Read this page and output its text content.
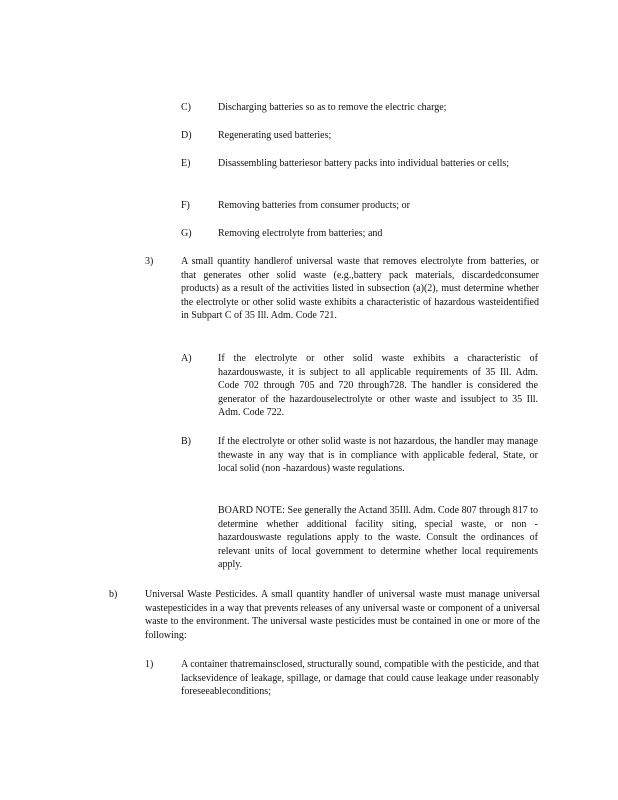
C)	Discharging batteries so as to remove the electric charge;
D)	Regenerating used batteries;
E)	Disassembling batteriesor battery packs into individual batteries or cells;
F)	Removing batteries from consumer products; or
G)	Removing electrolyte from batteries; and
3)	A small quantity handlerof universal waste that removes electrolyte from batteries, or that generates other solid waste (e.g.,battery pack materials, discardedconsumer products) as a result of the activities listed in subsection (a)(2), must determine whether the electrolyte or other solid waste exhibits a characteristic of hazardous wasteidentified in Subpart C of 35 Ill. Adm. Code 721.
A)	If the electrolyte or other solid waste exhibits a characteristic of hazardouswaste, it is subject to all applicable requirements of 35 Ill. Adm. Code 702 through 705 and 720 through728. The handler is considered the generator of the hazardouselectrolyte or other waste and issubject to 35 Ill. Adm. Code 722.
B)	If the electrolyte or other solid waste is not hazardous, the handler may manage thewaste in any way that is in compliance with applicable federal, State, or local solid (non -hazardous) waste regulations.
BOARD NOTE: See generally the Actand 35Ill. Adm. Code 807 through 817 to determine whether additional facility siting, special waste, or non -hazardouswaste regulations apply to the waste. Consult the ordinances of relevant units of local government to determine whether local requirements apply.
b)	Universal Waste Pesticides. A small quantity handler of universal waste must manage universal wastepesticides in a way that prevents releases of any universal waste or component of a universal waste to the environment. The universal waste pesticides must be contained in one or more of the following:
1)	A container thatremainsclosed, structurally sound, compatible with the pesticide, and that lacksevidence of leakage, spillage, or damage that could cause leakage under reasonably foreseeableconditions;
